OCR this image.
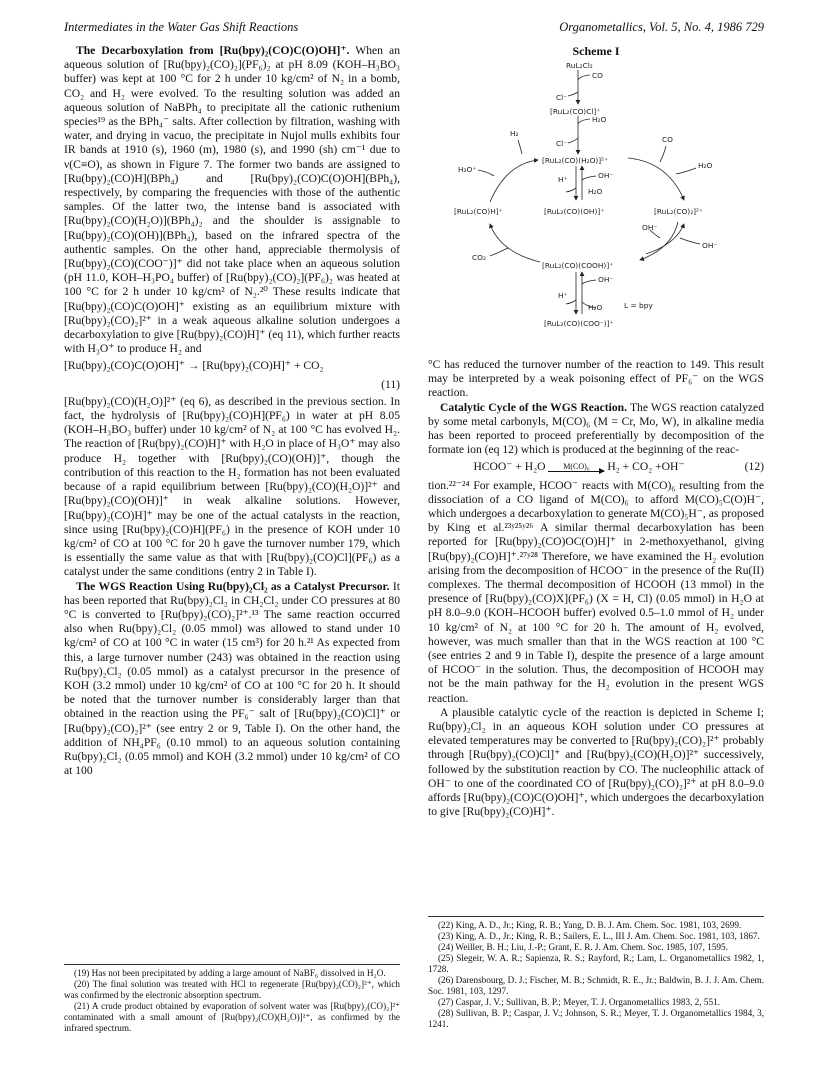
Intermediates in the Water Gas Shift Reactions	Organometallics, Vol. 5, No. 4, 1986 729

The Decarbox​ylation from [Ru(bpy)₂(CO)C(O)OH]⁺. When an aqueous solution of [Ru(bpy)₂(CO)₂](PF₆)₂ at pH 8.09 (KOH–H₃BO₃ buffer) was kept at 100 °C for 2 h under 10 kg/cm² of N₂ in a bomb, CO₂ and H₂ were evolved. To the resulting solution was added an aqueous solution of NaBPh₄ to precipitate all the cationic ruthenium species¹⁹ as the BPh₄⁻ salts. After collection by filtration, washing with water, and drying in vacuo, the precipitate in Nujol mulls exhibits four IR bands at 1910 (s), 1960 (m), 1980 (s), and 1990 (sh) cm⁻¹ due to ν(C≡O), as shown in Figure 7. The former two bands are assigned to [Ru(bpy)₂(CO)H](BPh₄) and [Ru(bpy)₂(CO)C(O)OH](BPh₄), respectively, by comparing the frequencies with those of the authentic samples. Of the latter two, the intense band is associated with [Ru(bpy)₂(CO)(H₂O)](BPh₄)₂ and the shoulder is assignable to [Ru(bpy)₂(CO)(OH)](BPh₄), based on the infrared spectra of the authentic samples. On the other hand, appreciable thermolysis of [Ru(bpy)₂(CO)(COO⁻)]⁺ did not take place when an aqueous solution (pH 11.0, KOH–H₃PO₄ buffer) of [Ru(bpy)₂(CO)₂](PF₆)₂ was heated at 100 °C for 2 h under 10 kg/cm² of N₂.²⁰ These results indicate that [Ru(bpy)₂(CO)C(O)OH]⁺ existing as an equilibrium mixture with [Ru(bpy)₂(CO)₂]²⁺ in a weak aqueous alkaline solution undergoes a decarboxylation to give [Ru(bpy)₂(CO)H]⁺ (eq 11), which further reacts with H₃O⁺ to produce H₂ and

[Ru(bpy)₂(CO)C(O)OH]⁺ → [Ru(bpy)₂(CO)H]⁺ + CO₂
(11)

[Ru(bpy)₂(CO)(H₂O)]²⁺ (eq 6), as described in the previous section. In fact, the hydrolysis of [Ru(bpy)₂(CO)H](PF₆) in water at pH 8.05 (KOH–H₃BO₃ buffer) under 10 kg/cm² of N₂ at 100 °C has evolved H₂. The reaction of [Ru(bpy)₂(CO)H]⁺ with H₂O in place of H₃O⁺ may also produce H₂ together with [Ru(bpy)₂(CO)(OH)]⁺, though the contribution of this reaction to the H₂ formation has not been evaluated because of a rapid equilibrium between [Ru(bpy)₂(CO)(H₂O)]²⁺ and [Ru(bpy)₂(CO)(OH)]⁺ in weak alkaline solutions. However, [Ru(bpy)₂(CO)H]⁺ may be one of the actual catalysts in the reaction, since using [Ru(bpy)₂(CO)H](PF₆) in the presence of KOH under 10 kg/cm² of CO at 100 °C for 20 h gave the turnover number 179, which is essentially the same value as that with [Ru(bpy)₂(CO)Cl](PF₆) as a catalyst under the same conditions (entry 2 in Table I).

The WGS Reaction Using Ru(bpy)₂Cl₂ as a Catalyst Precursor. It has been reported that Ru(bpy)₂Cl₂ in CH₂Cl₂ under CO pressures at 80 °C is converted to [Ru(bpy)₂(CO)₂]²⁺.¹³ The same reaction occurred also when Ru(bpy)₂Cl₂ (0.05 mmol) was allowed to stand under 10 kg/cm² of CO at 100 °C in water (15 cm³) for 20 h.²¹ As expected from this, a large turnover number (243) was obtained in the reaction using Ru(bpy)₂Cl₂ (0.05 mmol) as a catalyst precursor in the presence of KOH (3.2 mmol) under 10 kg/cm² of CO at 100 °C for 20 h. It should be noted that the turnover number is considerably larger than that obtained in the reaction using the PF₆⁻ salt of [Ru(bpy)₂(CO)Cl]⁺ or [Ru(bpy)₂(CO)₂]²⁺ (see entry 2 or 9, Table I). On the other hand, the addition of NH₄PF₆ (0.10 mmol) to an aqueous solution containing Ru(bpy)₂Cl₂ (0.05 mmol) and KOH (3.2 mmol) under 10 kg/cm² of CO at 100

(19) Has not been precipitated by adding a large amount of NaBF₆ dissolved in H₂O.

(20) The final solution was treated with HCl to regenerate [Ru(bpy)₂(CO)₂]²⁺, which was confirmed by the electronic absorption spectrum.

(21) A crude product obtained by evaporation of solvent water was [Ru(bpy)₂(CO)₂]²⁺ contaminated with a small amount of [Ru(bpy)₂(CO)(H₂O)]²⁺, as confirmed by the infrared spectrum.

Scheme I
RuL₂Cl₂
CO
Cl⁻
[RuL₂(CO)Cl]⁺
H₂O
Cl⁻
H₂
[RuL₂(CO)(H₂O)]²⁺
CO
H₃O⁺
OH⁻
H₂O
H⁺
H₂O
[RuL₂(CO)H]⁺	[RuL₂(CO)(OH)]⁺	[RuL₂(CO)₂]²⁺
OH⁻
OH⁻
CO₂
[RuL₂(CO)(COOH)]⁺
OH⁻
H⁺
H₂O	L = bpy
[RuL₂(CO)(COO⁻)]⁺

°C has reduced the turnover number of the reaction to 149. This result may be interpreted by a weak poisoning effect of PF₆⁻ on the WGS reaction.

Catalytic Cycle of the WGS Reaction. The WGS reaction catalyzed by some metal carbonyls, M(CO)₆ (M = Cr, Mo, W), in alkaline media has been reported to proceed preferentially by decomposition of the formate ion (eq 12) which is produced at the beginning of the reac-

HCOO⁻ + H₂O	M(CO)₆	H₂ + CO₂ +OH⁻	(12)

tion.²²⁻²⁴ For example, HCOO⁻ reacts with M(CO)₆ resulting from the dissociation of a CO ligand of M(CO)₆ to afford M(CO)₅C(O)H⁻, which undergoes a decarboxylation to generate M(CO)₅H⁻, as proposed by King et al.²³ʸ²⁵ʸ²⁶ A similar thermal decarboxylation has been reported for [Ru(bpy)₂(CO)OC(O)H]⁺ in 2-methoxyethanol, giving [Ru(bpy)₂(CO)H]⁺.²⁷ʸ²⁸ Therefore, we have examined the H₂ evolution arising from the decomposition of HCOO⁻ in the presence of the Ru(II) complexes. The thermal decomposition of HCOOH (13 mmol) in the presence of [Ru(bpy)₂(CO)X](PF₆) (X = H, Cl) (0.05 mmol) in H₂O at pH 8.0–9.0 (KOH–HCOOH buffer) evolved 0.5–1.0 mmol of H₂ under 10 kg/cm² of N₂ at 100 °C for 20 h. The amount of H₂ evolved, however, was much smaller than that in the WGS reaction at 100 °C (see entries 2 and 9 in Table I), despite the presence of a large amount of HCOO⁻ in the solution. Thus, the decomposition of HCOOH may not be the main pathway for the H₂ evolution in the present WGS reaction.

A plausible catalytic cycle of the reaction is depicted in Scheme I; Ru(bpy)₂Cl₂ in an aqueous KOH solution under CO pressures at elevated temperatures may be converted to [Ru(bpy)₂(CO)₂]²⁺ probably through [Ru(bpy)₂(CO)Cl]⁺ and [Ru(bpy)₂(CO)(H₂O)]²⁺ successively, followed by the substitution reaction by CO. The nucleophilic attack of OH⁻ to one of the coordinated CO of [Ru(bpy)₂(CO)₂]²⁺ at pH 8.0–9.0 affords [Ru(bpy)₂(CO)C(O)OH]⁺, which undergoes the decarboxylation to give [Ru(bpy)₂(CO)H]⁺.

(22) King, A. D., Jr.; King, R. B.; Yang, D. B. J. Am. Chem. Soc. 1981, 103, 2699.

(23) King, A. D., Jr.; King, R. B.; Sailers, E. L., III J. Am. Chem. Soc. 1981, 103, 1867.

(24) Weiller, B. H.; Liu, J.-P.; Grant, E. R. J. Am. Chem. Soc. 1985, 107, 1595.

(25) Slegeir, W. A. R.; Sapienza, R. S.; Rayford, R.; Lam, L. Organometallics 1982, 1, 1728.

(26) Darensbourg, D. J.; Fischer, M. B.; Schmidt, R. E., Jr.; Baldwin, B. J. J. Am. Chem. Soc. 1981, 103, 1297.

(27) Caspar, J. V.; Sullivan, B. P.; Meyer, T. J. Organometallics 1983, 2, 551.

(28) Sullivan, B. P.; Caspar, J. V.; Johnson, S. R.; Meyer, T. J. Organometallics 1984, 3, 1241.
